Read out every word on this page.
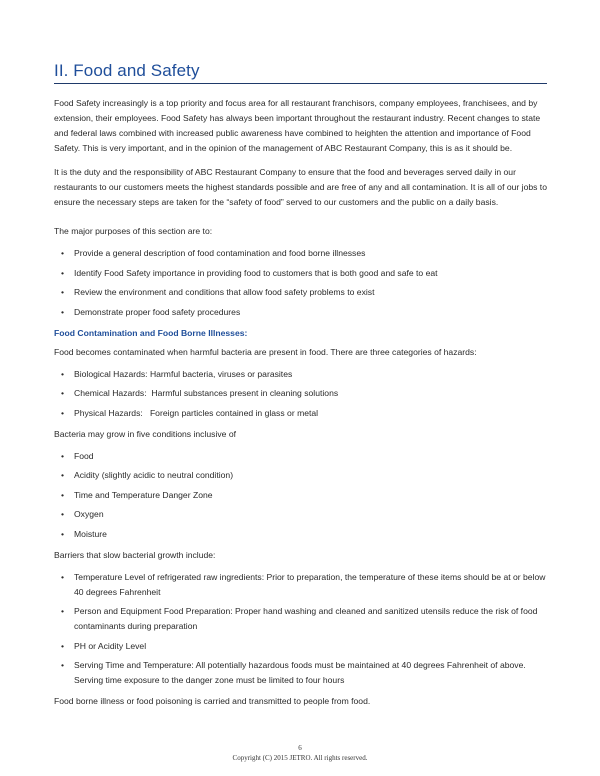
II. Food and Safety

Food Safety increasingly is a top priority and focus area for all restaurant franchisors, company employees, franchisees, and by extension, their employees. Food Safety has always been important throughout the restaurant industry. Recent changes to state and federal laws combined with increased public awareness have combined to heighten the attention and importance of Food Safety. This is very important, and in the opinion of the management of ABC Restaurant Company, this is as it should be.

It is the duty and the responsibility of ABC Restaurant Company to ensure that the food and beverages served daily in our restaurants to our customers meets the highest standards possible and are free of any and all contamination. It is all of our jobs to ensure the necessary steps are taken for the “safety of food” served to our customers and the public on a daily basis.

The major purposes of this section are to:

• Provide a general description of food contamination and food borne illnesses
• Identify Food Safety importance in providing food to customers that is both good and safe to eat
• Review the environment and conditions that allow food safety problems to exist
• Demonstrate proper food safety procedures
Food Contamination and Food Borne Illnesses:

Food becomes contaminated when harmful bacteria are present in food. There are three categories of hazards:

• Biological Hazards: Harmful bacteria, viruses or parasites
• Chemical Hazards:  Harmful substances present in cleaning solutions
• Physical Hazards:   Foreign particles contained in glass or metal

Bacteria may grow in five conditions inclusive of

• Food
• Acidity (slightly acidic to neutral condition)
• Time and Temperature Danger Zone
• Oxygen
• Moisture

Barriers that slow bacterial growth include:

• Temperature Level of refrigerated raw ingredients: Prior to preparation, the temperature of these items should be at or below 40 degrees Fahrenheit
• Person and Equipment Food Preparation: Proper hand washing and cleaned and sanitized utensils reduce the risk of food contaminants during preparation
• PH or Acidity Level
• Serving Time and Temperature: All potentially hazardous foods must be maintained at 40 degrees Fahrenheit of above. Serving time exposure to the danger zone must be limited to four hours

Food borne illness or food poisoning is carried and transmitted to people from food.

6
Copyright (C) 2015 JETRO. All rights reserved.
